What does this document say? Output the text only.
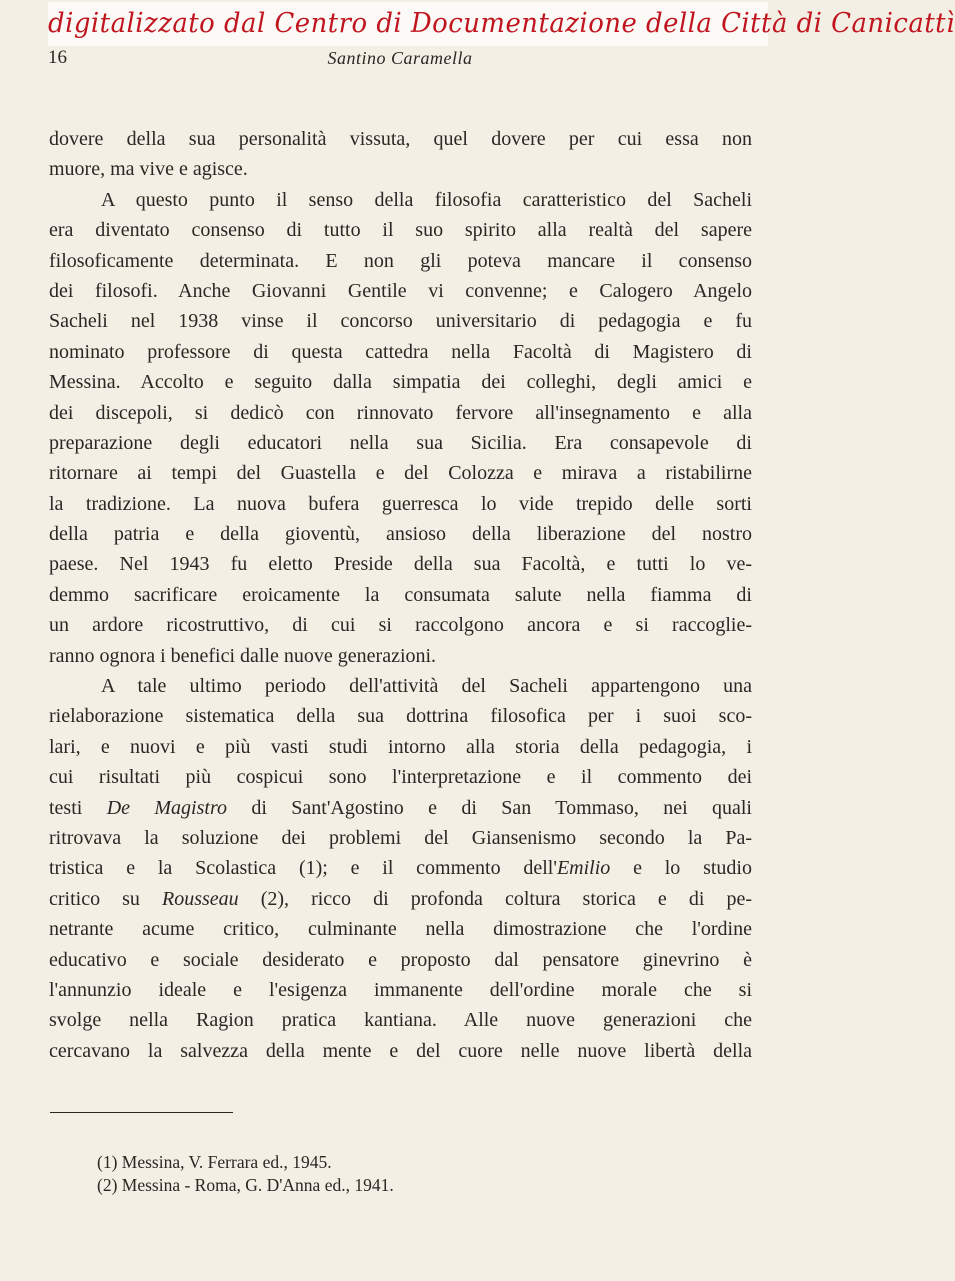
digitalizzato dal Centro di Documentazione della Città di Canicattì
16	Santino Caramella
dovere della sua personalità vissuta, quel dovere per cui essa non
muore, ma vive e agisce.
A questo punto il senso della filosofia caratteristico del Sacheli
era diventato consenso di tutto il suo spirito alla realtà del sapere
filosoficamente determinata. E non gli poteva mancare il consenso
dei filosofi. Anche Giovanni Gentile vi convenne; e Calogero Angelo
Sacheli nel 1938 vinse il concorso universitario di pedagogia e fu
nominato professore di questa cattedra nella Facoltà di Magistero di
Messina. Accolto e seguito dalla simpatia dei colleghi, degli amici e
dei discepoli, si dedicò con rinnovato fervore all'insegnamento e alla
preparazione degli educatori nella sua Sicilia. Era consapevole di
ritornare ai tempi del Guastella e del Colozza e mirava a ristabilirne
la tradizione. La nuova bufera guerresca lo vide trepido delle sorti
della patria e della gioventù, ansioso della liberazione del nostro
paese. Nel 1943 fu eletto Preside della sua Facoltà, e tutti lo ve-
demmo sacrificare eroicamente la consumata salute nella fiamma di
un ardore ricostruttivo, di cui si raccolgono ancora e si raccoglie-
ranno ognora i benefici dalle nuove generazioni.
A tale ultimo periodo dell'attività del Sacheli appartengono una
rielaborazione sistematica della sua dottrina filosofica per i suoi sco-
lari, e nuovi e più vasti studi intorno alla storia della pedagogia, i
cui risultati più cospicui sono l'interpretazione e il commento dei
testi De Magistro di Sant'Agostino e di San Tommaso, nei quali
ritrovava la soluzione dei problemi del Giansenismo secondo la Pa-
tristica e la Scolastica (1); e il commento dell'Emilio e lo studio
critico su Rousseau (2), ricco di profonda coltura storica e di pe-
netrante acume critico, culminante nella dimostrazione che l'ordine
educativo e sociale desiderato e proposto dal pensatore ginevrino è
l'annunzio ideale e l'esigenza immanente dell'ordine morale che si
svolge nella Ragion pratica kantiana. Alle nuove generazioni che
cercavano la salvezza della mente e del cuore nelle nuove libertà della
(1) Messina, V. Ferrara ed., 1945.
(2) Messina - Roma, G. D'Anna ed., 1941.
